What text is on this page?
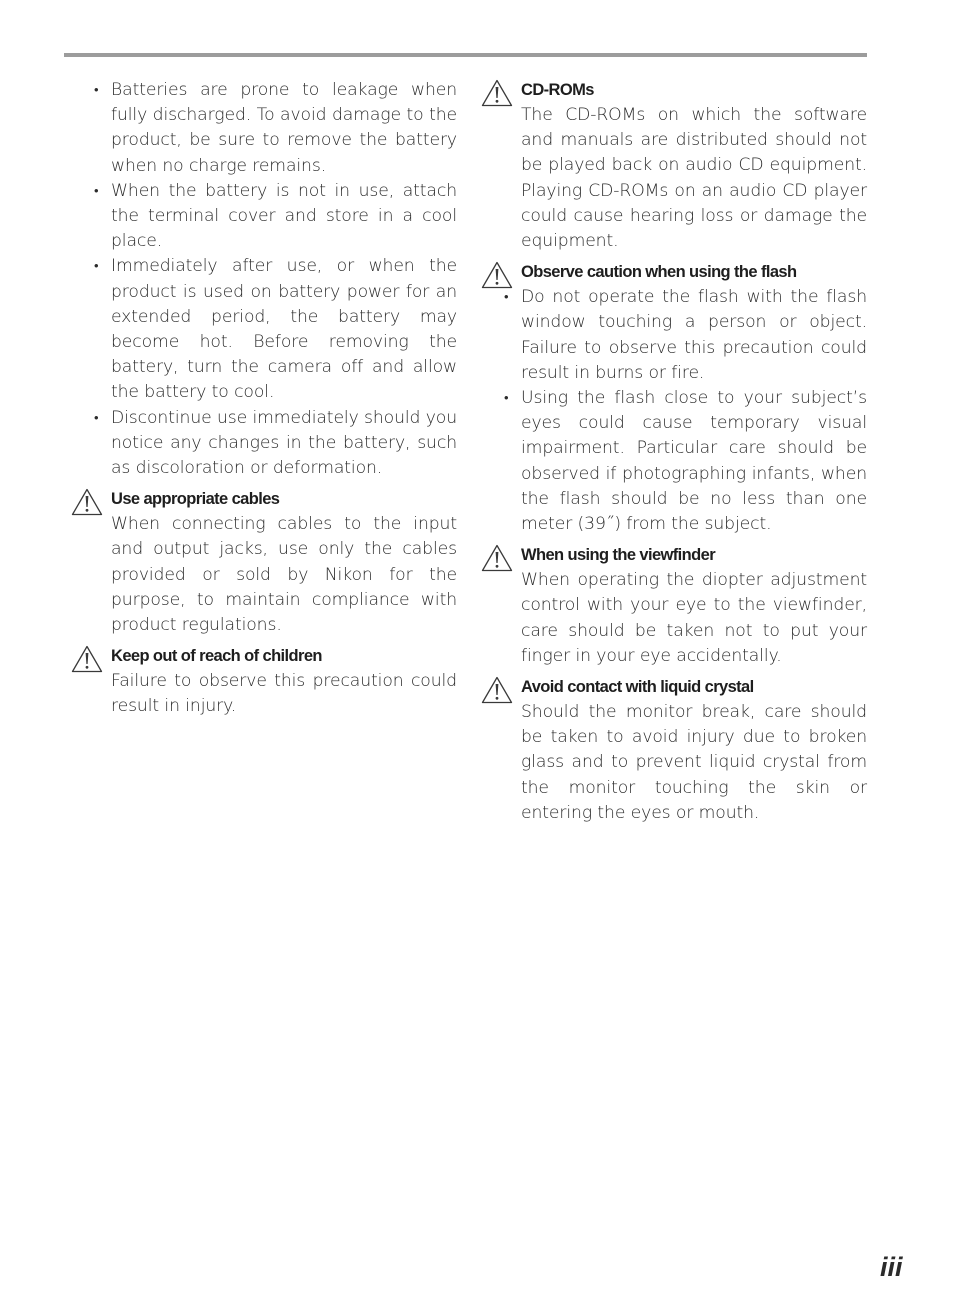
• Batteries are prone to leakage when fully discharged. To avoid damage to the product, be sure to remove the battery when no charge remains.
• When the battery is not in use, attach the terminal cover and store in a cool place.
• Immediately after use, or when the product is used on battery power for an extended period, the battery may become hot. Before removing the battery, turn the camera off and allow the battery to cool.
• Discontinue use immediately should you notice any changes in the battery, such as discoloration or deformation.
Use appropriate cables
When connecting cables to the input and output jacks, use only the cables provided or sold by Nikon for the purpose, to maintain compliance with product regulations.
Keep out of reach of children
Failure to observe this precaution could result in injury.
CD-ROMs
The CD-ROMs on which the software and manuals are distributed should not be played back on audio CD equipment. Playing CD-ROMs on an audio CD player could cause hearing loss or damage the equipment.
Observe caution when using the flash
• Do not operate the flash with the flash window touching a person or object. Failure to observe this precaution could result in burns or fire.
• Using the flash close to your subject’s eyes could cause temporary visual impairment. Particular care should be observed if photographing infants, when the flash should be no less than one meter (39˝) from the subject.
When using the viewfinder
When operating the diopter adjustment control with your eye to the viewfinder, care should be taken not to put your finger in your eye accidentally.
Avoid contact with liquid crystal
Should the monitor break, care should be taken to avoid injury due to broken glass and to prevent liquid crystal from the monitor touching the skin or entering the eyes or mouth.
iii
